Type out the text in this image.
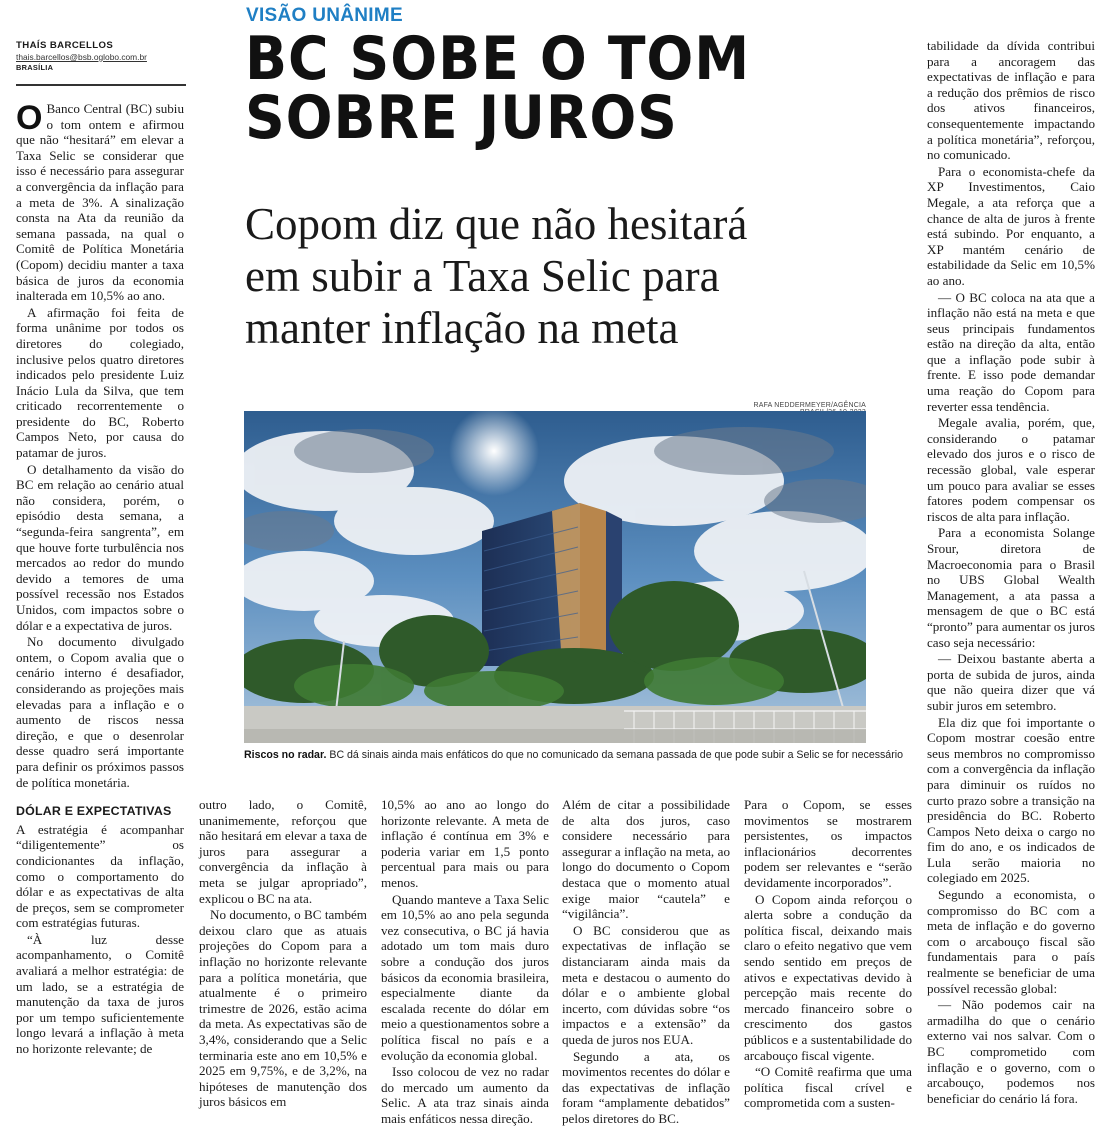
THAÍS BARCELLOS
thais.barcellos@bsb.oglobo.com.br
BRASÍLIA
VISÃO UNÂNIME
BC SOBE O TOM
SOBRE JUROS
Copom diz que não hesitará
em subir a Taxa Selic para
manter inflação na meta
RAFA NEDDERMEYER/AGÊNCIA
Riscos no radar. BC dá sinais ainda mais enfáticos do que no comunicado da semana passada de que pode subir a Selic se for necessário

O Banco Central (BC) subiu o tom ontem e afirmou que não “hesitará” em elevar a Taxa Selic se considerar que isso é necessário para assegurar a convergência da inflação para a meta de 3%. A sinalização consta na Ata da reunião da semana passada, na qual o Comitê de Política Monetária (Copom) decidiu manter a taxa básica de juros da economia inalterada em 10,5% ao ano.

A afirmação foi feita de forma unânime por todos os diretores do colegiado, inclusive pelos quatro diretores indicados pelo presidente Luiz Inácio Lula da Silva, que tem criticado recorrentemente o presidente do BC, Roberto Campos Neto, por causa do patamar de juros.

O detalhamento da visão do BC em relação ao cenário atual não considera, porém, o episódio desta semana, a “segunda-feira sangrenta”, em que houve forte turbulência nos mercados ao redor do mundo devido a temores de uma possível recessão nos Estados Unidos, com impactos sobre o dólar e a expectativa de juros.

No documento divulgado ontem, o Copom avalia que o cenário interno é desafiador, considerando as projeções mais elevadas para a inflação e o aumento de riscos nessa direção, e que o desenrolar desse quadro será importante para definir os próximos passos de política monetária.

DÓLAR E EXPECTATIVAS

A estratégia é acompanhar “diligentemente” os condicionantes da inflação, como o comportamento do dólar e as expectativas de alta de preços, sem se comprometer com estratégias futuras.

“À luz desse acompanhamento, o Comitê avaliará a melhor estratégia: de um lado, se a estratégia de manutenção da taxa de juros por um tempo suficientemente longo levará a inflação à meta no horizonte relevante; de

outro lado, o Comitê, unanimemente, reforçou que não hesitará em elevar a taxa de juros para assegurar a convergência da inflação à meta se julgar apropriado”, explicou o BC na ata.

No documento, o BC também deixou claro que as atuais projeções do Copom para a inflação no horizonte relevante para a política monetária, que atualmente é o primeiro trimestre de 2026, estão acima da meta. As expectativas são de 3,4%, considerando que a Selic terminaria este ano em 10,5% e 2025 em 9,75%, e de 3,2%, na hipóteses de manutenção dos juros básicos em

10,5% ao ano ao longo do horizonte relevante. A meta de inflação é contínua em 3% e poderia variar em 1,5 ponto percentual para mais ou para menos.

Quando manteve a Taxa Selic em 10,5% ao ano pela segunda vez consecutiva, o BC já havia adotado um tom mais duro sobre a condução dos juros básicos da economia brasileira, especialmente diante da escalada recente do dólar em meio a questionamentos sobre a política fiscal no país e a evolução da economia global.

Isso colocou de vez no radar do mercado um aumento da Selic. A ata traz sinais ainda mais enfáticos nessa direção.

Além de citar a possibilidade de alta dos juros, caso considere necessário para assegurar a inflação na meta, ao longo do documento o Copom destaca que o momento atual exige maior “cautela” e “vigilância”.

O BC considerou que as expectativas de inflação se distanciaram ainda mais da meta e destacou o aumento do dólar e o ambiente global incerto, com dúvidas sobre “os impactos e a extensão” da queda de juros nos EUA.

Segundo a ata, os movimentos recentes do dólar e das expectativas de inflação foram “amplamente debatidos” pelos diretores do BC.

Para o Copom, se esses movimentos se mostrarem persistentes, os impactos inflacionários decorrentes podem ser relevantes e “serão devidamente incorporados”.

O Copom ainda reforçou o alerta sobre a condução da política fiscal, deixando mais claro o efeito negativo que vem sendo sentido em preços de ativos e expectativas devido à percepção mais recente do mercado financeiro sobre o crescimento dos gastos públicos e a sustentabilidade do arcabouço fiscal vigente.

“O Comitê reafirma que uma política fiscal crível e comprometida com a susten-

tabilidade da dívida contribui para a ancoragem das expectativas de inflação e para a redução dos prêmios de risco dos ativos financeiros, consequentemente impactando a política monetária”, reforçou, no comunicado.

Para o economista-chefe da XP Investimentos, Caio Megale, a ata reforça que a chance de alta de juros à frente está subindo. Por enquanto, a XP mantém cenário de estabilidade da Selic em 10,5% ao ano.

— O BC coloca na ata que a inflação não está na meta e que seus principais fundamentos estão na direção da alta, então que a inflação pode subir à frente. E isso pode demandar uma reação do Copom para reverter essa tendência.

Megale avalia, porém, que, considerando o patamar elevado dos juros e o risco de recessão global, vale esperar um pouco para avaliar se esses fatores podem compensar os riscos de alta para inflação.

Para a economista Solange Srour, diretora de Macroeconomia para o Brasil no UBS Global Wealth Management, a ata passa a mensagem de que o BC está “pronto” para aumentar os juros caso seja necessário:

— Deixou bastante aberta a porta de subida de juros, ainda que não queira dizer que vá subir juros em setembro.

Ela diz que foi importante o Copom mostrar coesão entre seus membros no compromisso com a convergência da inflação para diminuir os ruídos no curto prazo sobre a transição na presidência do BC. Roberto Campos Neto deixa o cargo no fim do ano, e os indicados de Lula serão maioria no colegiado em 2025.

Segundo a economista, o compromisso do BC com a meta de inflação e do governo com o arcabouço fiscal são fundamentais para o país realmente se beneficiar de uma possível recessão global:

— Não podemos cair na armadilha do que o cenário externo vai nos salvar. Com o BC comprometido com inflação e o governo, com o arcabouço, podemos nos beneficiar do cenário lá fora.
